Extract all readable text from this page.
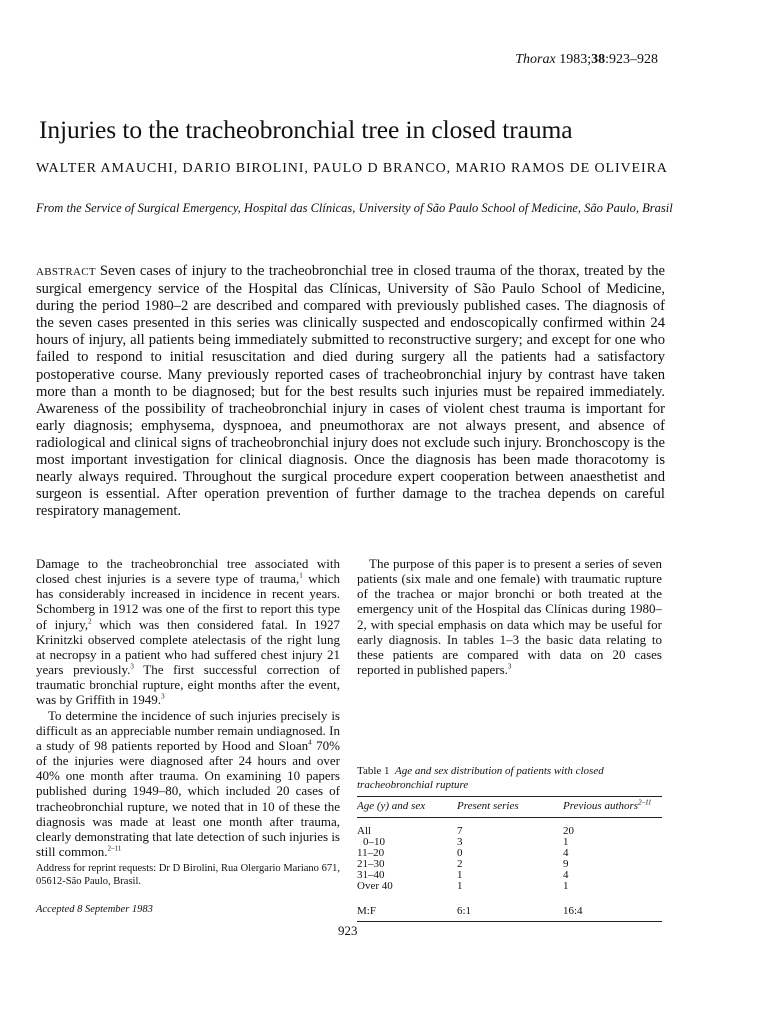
Thorax 1983;38:923–928
Injuries to the tracheobronchial tree in closed trauma
WALTER AMAUCHI, DARIO BIROLINI, PAULO D BRANCO, MARIO RAMOS DE OLIVEIRA
From the Service of Surgical Emergency, Hospital das Clínicas, University of São Paulo School of Medicine, São Paulo, Brasil
ABSTRACT Seven cases of injury to the tracheobronchial tree in closed trauma of the thorax, treated by the surgical emergency service of the Hospital das Clínicas, University of São Paulo School of Medicine, during the period 1980–2 are described and compared with previously published cases. The diagnosis of the seven cases presented in this series was clinically suspected and endoscopically confirmed within 24 hours of injury, all patients being immediately submitted to reconstructive surgery; and except for one who failed to respond to initial resuscitation and died during surgery all the patients had a satisfactory postoperative course. Many previously reported cases of tracheobronchial injury by contrast have taken more than a month to be diagnosed; but for the best results such injuries must be repaired immediately. Awareness of the possibility of tracheobronchial injury in cases of violent chest trauma is important for early diagnosis; emphysema, dyspnoea, and pneumothorax are not always present, and absence of radiological and clinical signs of tracheobronchial injury does not exclude such injury. Bronchoscopy is the most important investigation for clinical diagnosis. Once the diagnosis has been made thoracotomy is nearly always required. Throughout the surgical procedure expert cooperation between anaesthetist and surgeon is essential. After operation prevention of further damage to the trachea depends on careful respiratory management.

Damage to the tracheobronchial tree associated with closed chest injuries is a severe type of trauma,$^1$ which has considerably increased in incidence in recent years. Schomberg in 1912 was one of the first to report this type of injury,$^2$ which was then considered fatal. In 1927 Krinitzki observed complete atelectasis of the right lung at necropsy in a patient who had suffered chest injury 21 years previously.$^3$ The first successful correction of traumatic bronchial rupture, eight months after the event, was by Griffith in 1949.$^3$

To determine the incidence of such injuries precisely is difficult as an appreciable number remain undiagnosed. In a study of 98 patients reported by Hood and Sloan$^4$ 70% of the injuries were diagnosed after 24 hours and over 40% one month after trauma. On examining 10 papers published during 1949–80, which included 20 cases of tracheobronchial rupture, we noted that in 10 of these the diagnosis was made at least one month after trauma, clearly demonstrating that late detection of such injuries is still common.$^{2-11}$

The purpose of this paper is to present a series of seven patients (six male and one female) with traumatic rupture of the trachea or major bronchi or both treated at the emergency unit of the Hospital das Clínicas during 1980–2, with special emphasis on data which may be useful for early diagnosis. In tables 1–3 the basic data relating to these patients are compared with data on 20 cases reported in published papers.$^3$

Address for reprint requests: Dr D Birolini, Rua Olergario Mariano 671, 05612-São Paulo, Brasil.
Accepted 8 September 1983
Table 1 Age and sex distribution of patients with closed tracheobronchial rupture
Age (y) and sex	Present series	Previous authors$^{2-11}$
All	7	20
0–10	3	1
11–20	0	4
21–30	2	9
31–40	1	4
Over 40	1	1
M:F	6:1	16:4
923
